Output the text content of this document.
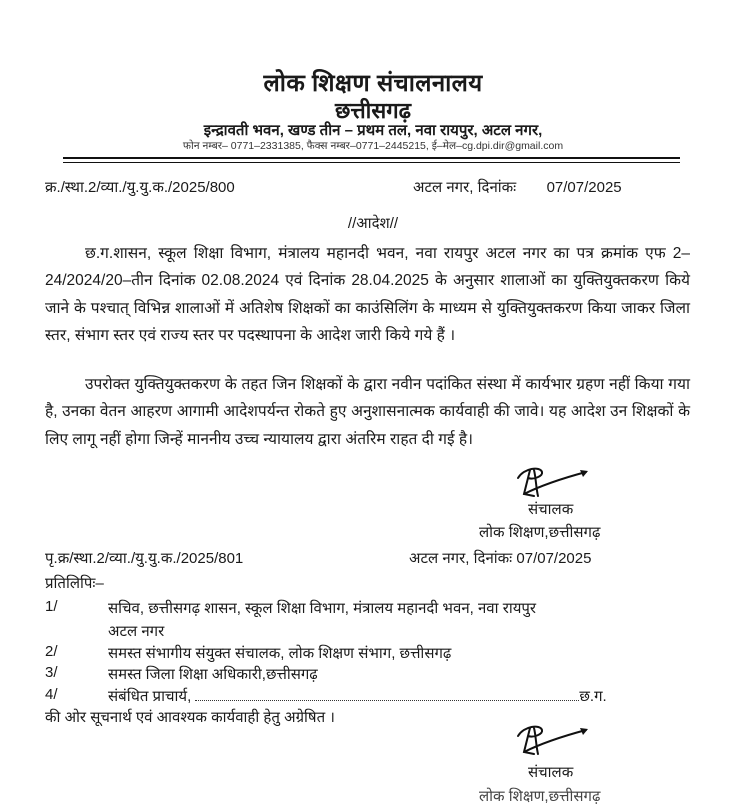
लोक शिक्षण संचालनालय
छत्तीसगढ़
इन्द्रावती भवन, खण्ड तीन – प्रथम तल, नवा रायपुर, अटल नगर,
फोन नम्बर– 0771–2331385, फैक्स नम्बर–0771–2445215, ई–मेल–cg.dpi.dir@gmail.com
क्र./स्था.2/व्या./यु.यु.क./2025/800	अटल नगर, दिनांकः 07/07/2025
//आदेश//
छ.ग.शासन, स्कूल शिक्षा विभाग, मंत्रालय महानदी भवन, नवा रायपुर अटल नगर का पत्र क्रमांक एफ 2–24/2024/20–तीन दिनांक 02.08.2024 एवं दिनांक 28.04.2025 के अनुसार शालाओं का युक्तियुक्तकरण किये जाने के पश्चात् विभिन्न शालाओं में अतिशेष शिक्षकों का काउंसिलिंग के माध्यम से युक्तियुक्तकरण किया जाकर जिला स्तर, संभाग स्तर एवं राज्य स्तर पर पदस्थापना के आदेश जारी किये गये हैं ।
उपरोक्त युक्तियुक्तकरण के तहत जिन शिक्षकों के द्वारा नवीन पदांकित संस्था में कार्यभार ग्रहण नहीं किया गया है, उनका वेतन आहरण आगामी आदेशपर्यन्त रोकते हुए अनुशासनात्मक कार्यवाही की जावे। यह आदेश उन शिक्षकों के लिए लागू नहीं होगा जिन्हें माननीय उच्च न्यायालय द्वारा अंतरिम राहत दी गई है।
संचालक
लोक शिक्षण,छत्तीसगढ़
पृ.क्र/स्था.2/व्या./यु.यु.क./2025/801	अटल नगर, दिनांकः 07/07/2025
प्रतिलिपिः–
1/	सचिव, छत्तीसगढ़ शासन, स्कूल शिक्षा विभाग, मंत्रालय महानदी भवन, नवा रायपुर
अटल नगर
2/	समस्त संभागीय संयुक्त संचालक, लोक शिक्षण संभाग, छत्तीसगढ़
3/	समस्त जिला शिक्षा अधिकारी,छत्तीसगढ़
4/	संबंधित प्राचार्य,	छ.ग.
की ओर सूचनार्थ एवं आवश्यक कार्यवाही हेतु अग्रेषित ।
संचालक
लोक शिक्षण,छत्तीसगढ़
